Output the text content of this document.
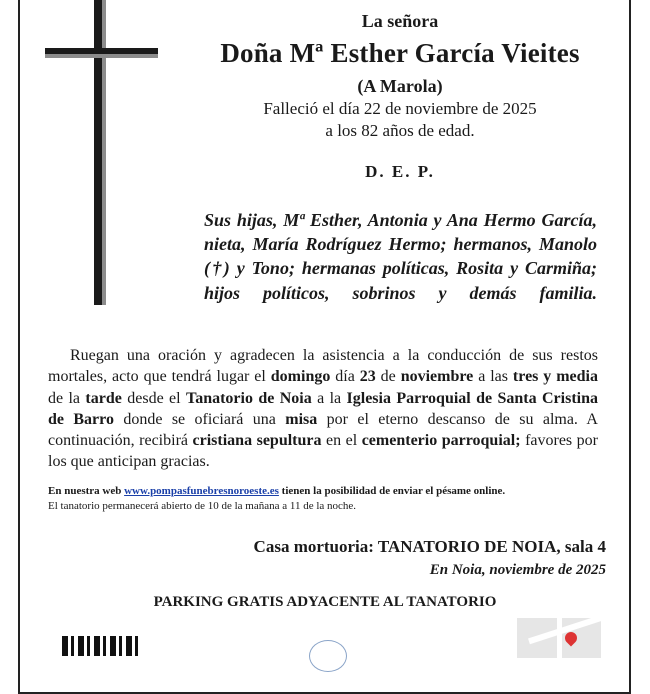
La señora
Doña Mª Esther García Vieites
(A Marola)
Falleció el día 22 de noviembre de 2025
a los 82 años de edad.
D. E. P.
Sus hijas, Mª Esther, Antonia y Ana Hermo García, nieta, María Rodríguez Hermo; hermanos, Manolo (†) y Tono; hermanas políticas, Rosita y Carmiña; hijos políticos, sobrinos y demás familia.

Ruegan una oración y agradecen la asistencia a la conducción de sus restos mortales, acto que tendrá lugar el domingo día 23 de noviembre a las tres y media de la tarde desde el Tanatorio de Noia a la Iglesia Parroquial de Santa Cristina de Barro donde se oficiará una misa por el eterno descanso de su alma. A continuación, recibirá cristiana sepultura en el cementerio parroquial; favores por los que anticipan gracias.

En nuestra web www.pompasfunebresnoroeste.es tienen la posibilidad de enviar el pésame online.
El tanatorio permanecerá abierto de 10 de la mañana a 11 de la noche.
Casa mortuoria: TANATORIO DE NOIA, sala 4
En Noia, noviembre de 2025
PARKING GRATIS ADYACENTE AL TANATORIO
